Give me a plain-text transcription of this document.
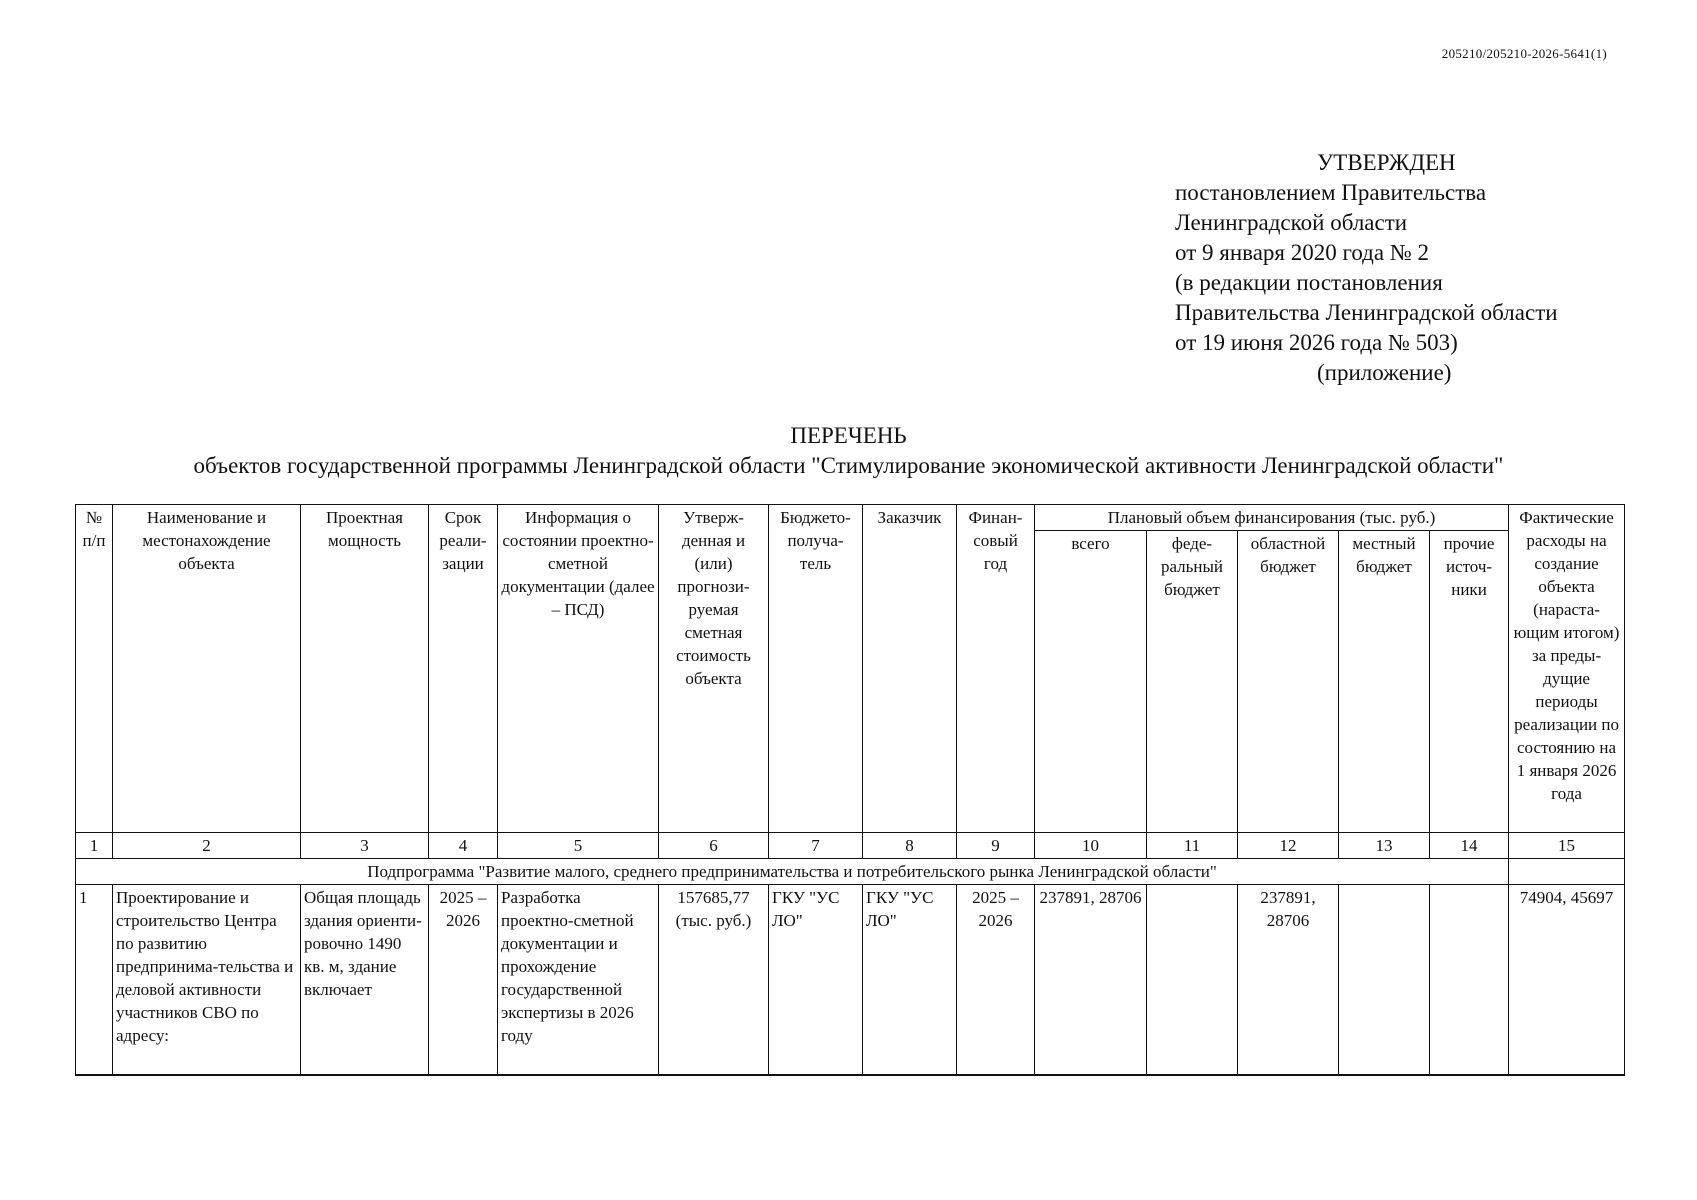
205210/205210-2026-5641(1)
УТВЕРЖДЕН
постановлением Правительства
Ленинградской области
от 9 января 2020 года № 2
(в редакции постановления
Правительства Ленинградской области
от 19 июня 2026 года № 503)
(приложение)
ПЕРЕЧЕНЬ
объектов государственной программы Ленинградской области "Стимулирование экономической активности Ленинградской области"
№ п/п	Наименование и местонахождение объекта	Проектная мощность	Срок реали-зации	Информация о состоянии проектно-сметной документации (далее – ПСД)	Утверж-денная и (или) прогнози-руемая сметная стоимость объекта	Бюджето-получа-тель	Заказчик	Финан-совый год	Плановый объем финансирования (тыс. руб.)					Фактические расходы на создание объекта (нараста-ющим итогом) за преды-дущие периоды реализации по состоянию на 1 января 2026 года
									всего	феде-ральный бюджет	областной бюджет	местный бюджет	прочие источ-ники	
1	2	3	4	5	6	7	8	9	10	11	12	13	14	15
Подпрограмма "Развитие малого, среднего предпринимательства и потребительского рынка Ленинградской области"														
1	Проектирование и строительство Центра по развитию предпринима-тельства и деловой активности участников СВО по адресу:	Общая площадь здания ориенти-ровочно 1490 кв. м, здание включает	2025 – 2026	Разработка проектно-сметной документации и прохождение государственной экспертизы в 2026 году	157685,77 (тыс. руб.)	ГКУ "УС ЛО"	ГКУ "УС ЛО"	2025 – 2026	237891, 28706		237891, 28706			74904, 45697
